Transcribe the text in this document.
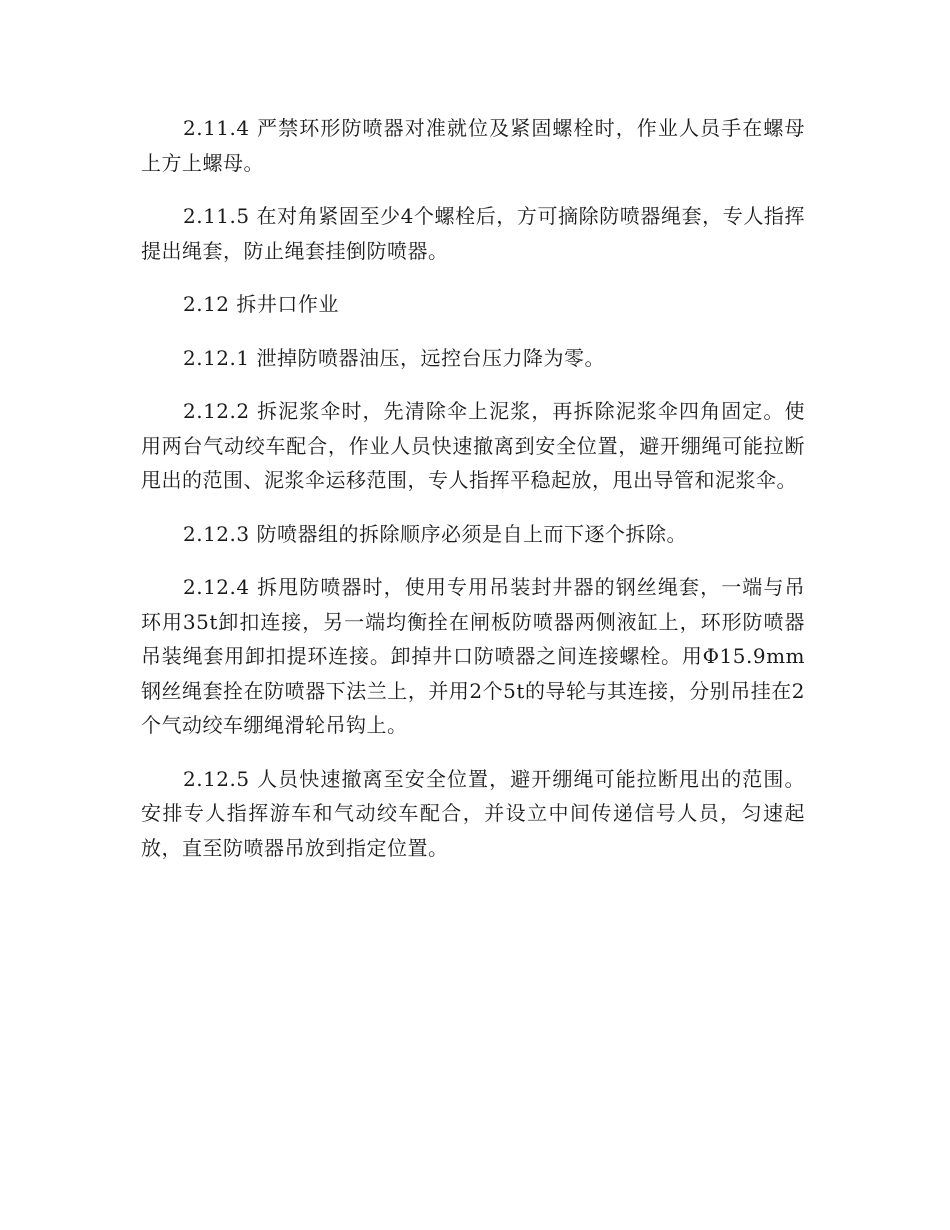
2.11.4 严禁环形防喷器对准就位及紧固螺栓时，作业人员手在螺母上方上螺母。

2.11.5 在对角紧固至少4个螺栓后，方可摘除防喷器绳套，专人指挥提出绳套，防止绳套挂倒防喷器。

2.12 拆井口作业

2.12.1 泄掉防喷器油压，远控台压力降为零。

2.12.2 拆泥浆伞时，先清除伞上泥浆，再拆除泥浆伞四角固定。使用两台气动绞车配合，作业人员快速撤离到安全位置，避开绷绳可能拉断甩出的范围、泥浆伞运移范围，专人指挥平稳起放，甩出导管和泥浆伞。

2.12.3 防喷器组的拆除顺序必须是自上而下逐个拆除。

2.12.4 拆甩防喷器时，使用专用吊装封井器的钢丝绳套，一端与吊环用35t卸扣连接，另一端均衡拴在闸板防喷器两侧液缸上，环形防喷器吊装绳套用卸扣提环连接。卸掉井口防喷器之间连接螺栓。用Φ15.9mm钢丝绳套拴在防喷器下法兰上，并用2个5t的导轮与其连接，分别吊挂在2个气动绞车绷绳滑轮吊钩上。

2.12.5 人员快速撤离至安全位置，避开绷绳可能拉断甩出的范围。安排专人指挥游车和气动绞车配合，并设立中间传递信号人员，匀速起放，直至防喷器吊放到指定位置。
